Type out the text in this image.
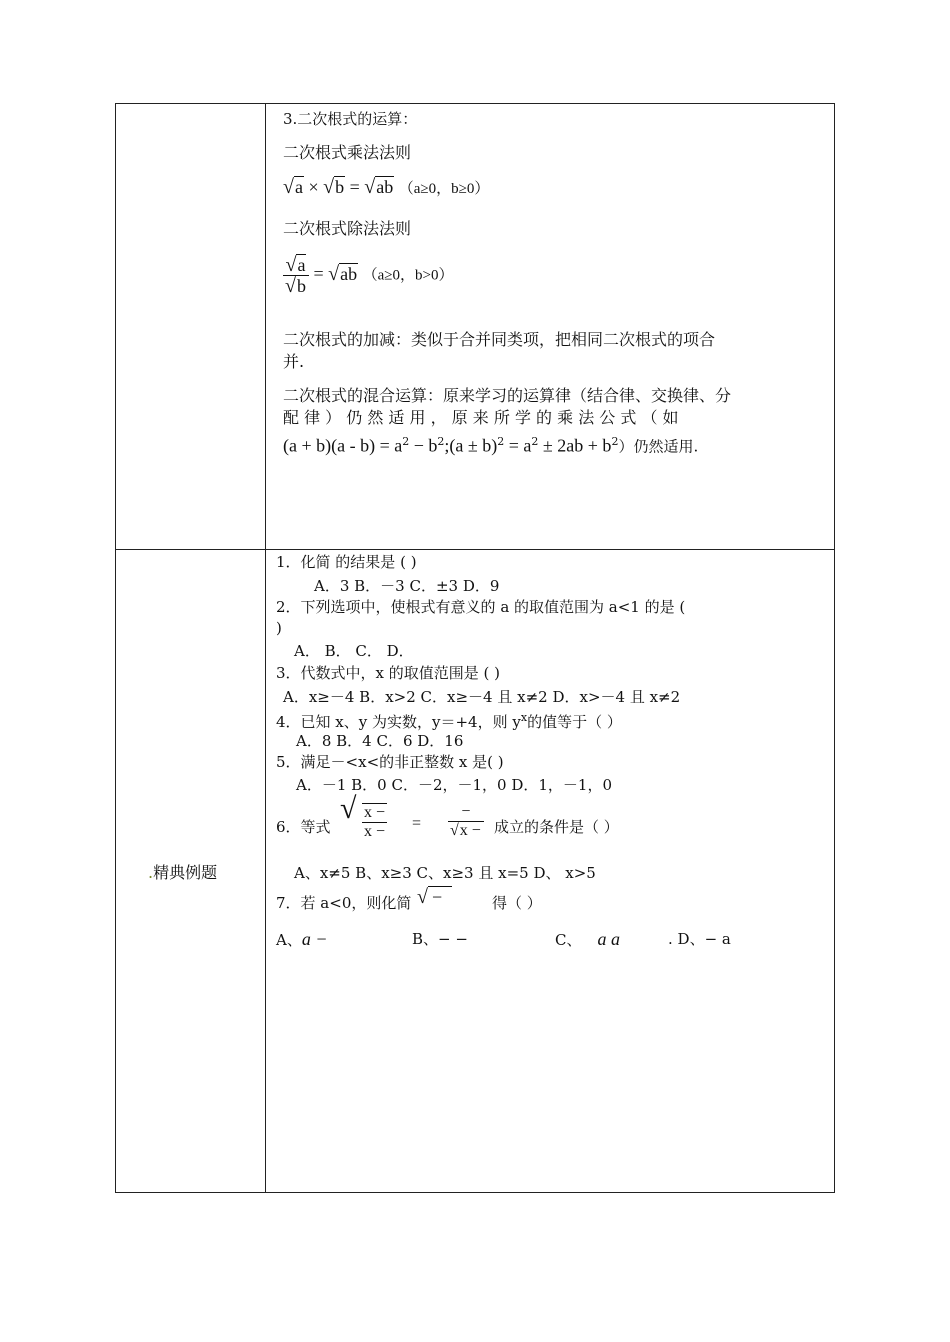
3.二次根式的运算：
二次根式乘法法则
√a × √b = √ab （a≥0，b≥0）
二次根式除法法则
$\frac{√a}{√b} = √ab$ （a≥0，b>0）
二次根式的加减：类似于合并同类项，把相同二次根式的项合
并.
二次根式的混合运算：原来学习的运算律（结合律、交换律、分
配 律 ） 仍 然 适 用 ， 原 来 所 学 的 乘 法 公 式 （ 如
$(a + b)(a - b) = a^2$ − $b^2;(a \pm b)^2 = a^2 \pm 2ab + b^2$）仍然适用.
.精典例题
1．化简 的结果是 ( )
A．3 B．－3 C．±3 D．9
2．下列选项中，使根式有意义的 a 的取值范围为 a<1 的是 (
)
A． B． C． D．
3．代数式中，x 的取值范围是 ( )
A．x≥－4 B．x>2 C．x≥－4 且 x≠2 D．x>－4 且 x≠2
4．已知 x、y 为实数，y＝+4，则 $y^x$的值等于（ ）
A．8 B．4 C．6 D．16
5．满足－<x<的非正整数 x 是( )
A．－1 B．0 C．－2，－1，0 D．1，－1，0
6．等式
√ $\frac{x -}{x -} = \frac{-}{√x -}$ 成立的条件是（ ）
A、x≠5 B、x≥3 C、x≥3 且 x=5 D、 x>5
7．若 a<0，则化简 √ −	得（ ）
A、a −	B、− −	C、 a a	. D、− a
